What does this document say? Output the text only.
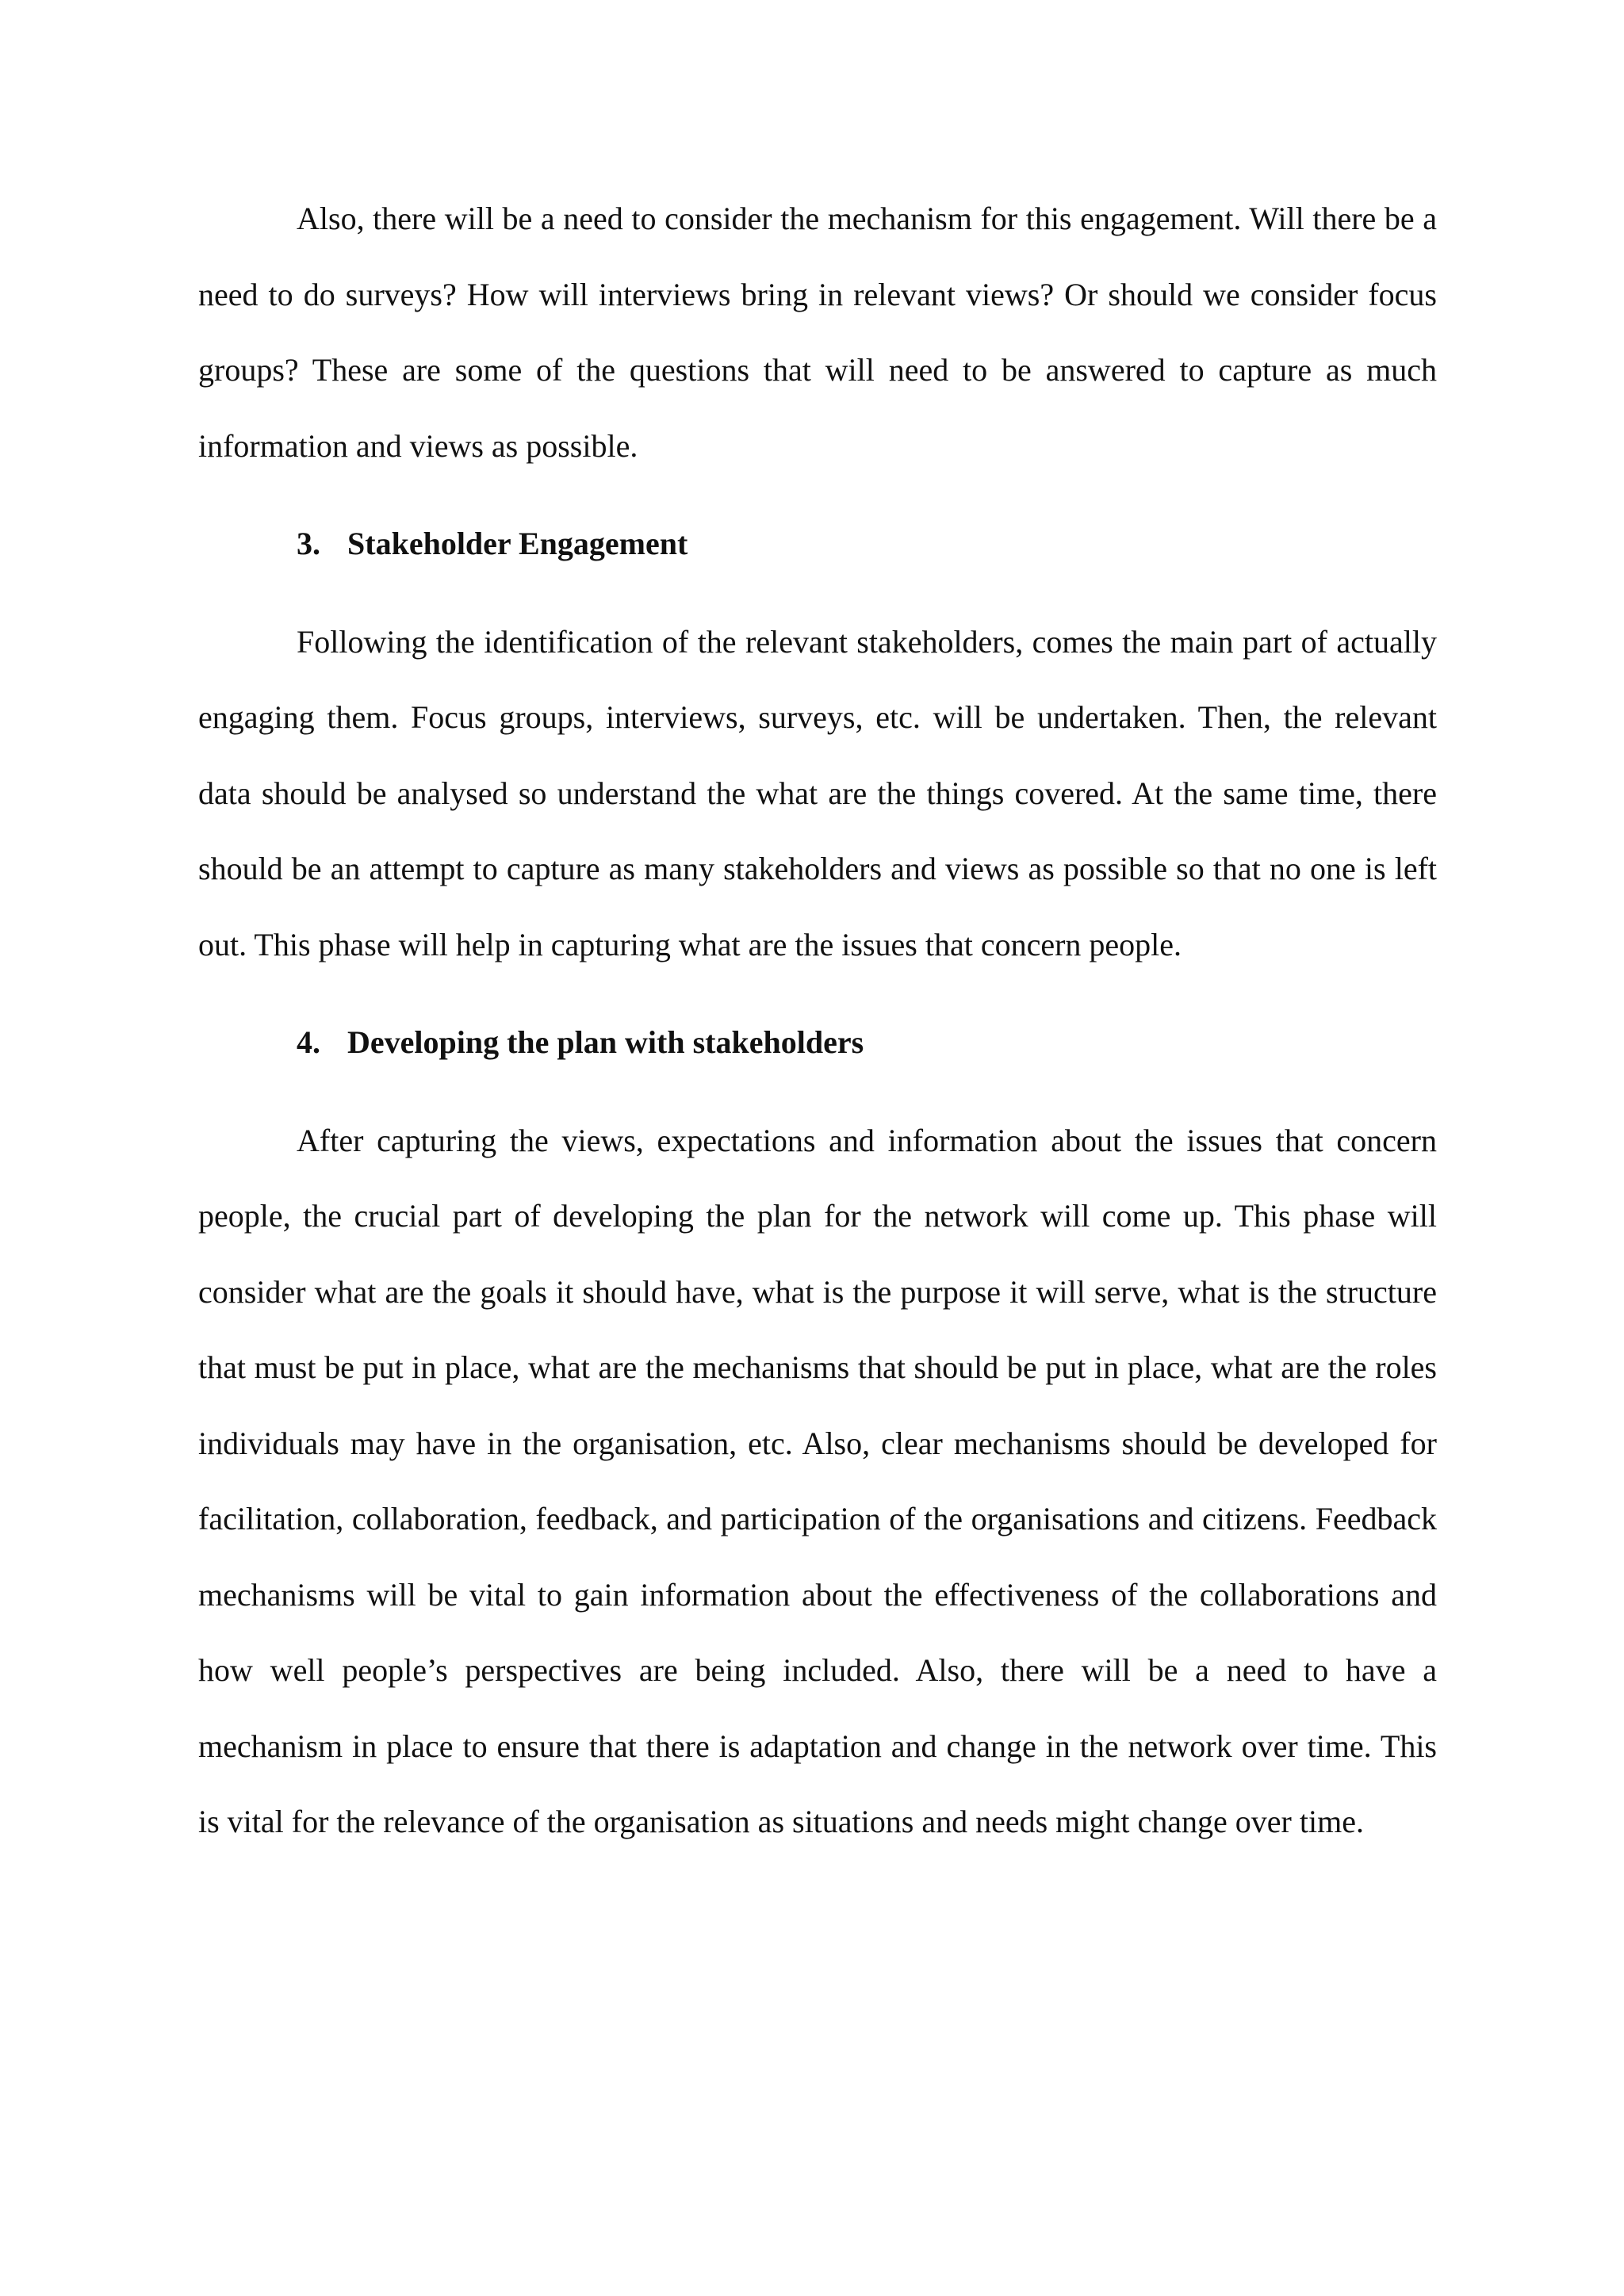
Also, there will be a need to consider the mechanism for this engagement. Will there be a need to do surveys? How will interviews bring in relevant views? Or should we consider focus groups? These are some of the questions that will need to be answered to capture as much information and views as possible.

3. Stakeholder Engagement

Following the identification of the relevant stakeholders, comes the main part of actually engaging them. Focus groups, interviews, surveys, etc. will be undertaken. Then, the relevant data should be analysed so understand the what are the things covered. At the same time, there should be an attempt to capture as many stakeholders and views as possible so that no one is left out. This phase will help in capturing what are the issues that concern people.

4. Developing the plan with stakeholders

After capturing the views, expectations and information about the issues that concern people, the crucial part of developing the plan for the network will come up. This phase will consider what are the goals it should have, what is the purpose it will serve, what is the structure that must be put in place, what are the mechanisms that should be put in place, what are the roles individuals may have in the organisation, etc. Also, clear mechanisms should be developed for facilitation, collaboration, feedback, and participation of the organisations and citizens. Feedback mechanisms will be vital to gain information about the effectiveness of the collaborations and how well people’s perspectives are being included. Also, there will be a need to have a mechanism in place to ensure that there is adaptation and change in the network over time. This is vital for the relevance of the organisation as situations and needs might change over time.
